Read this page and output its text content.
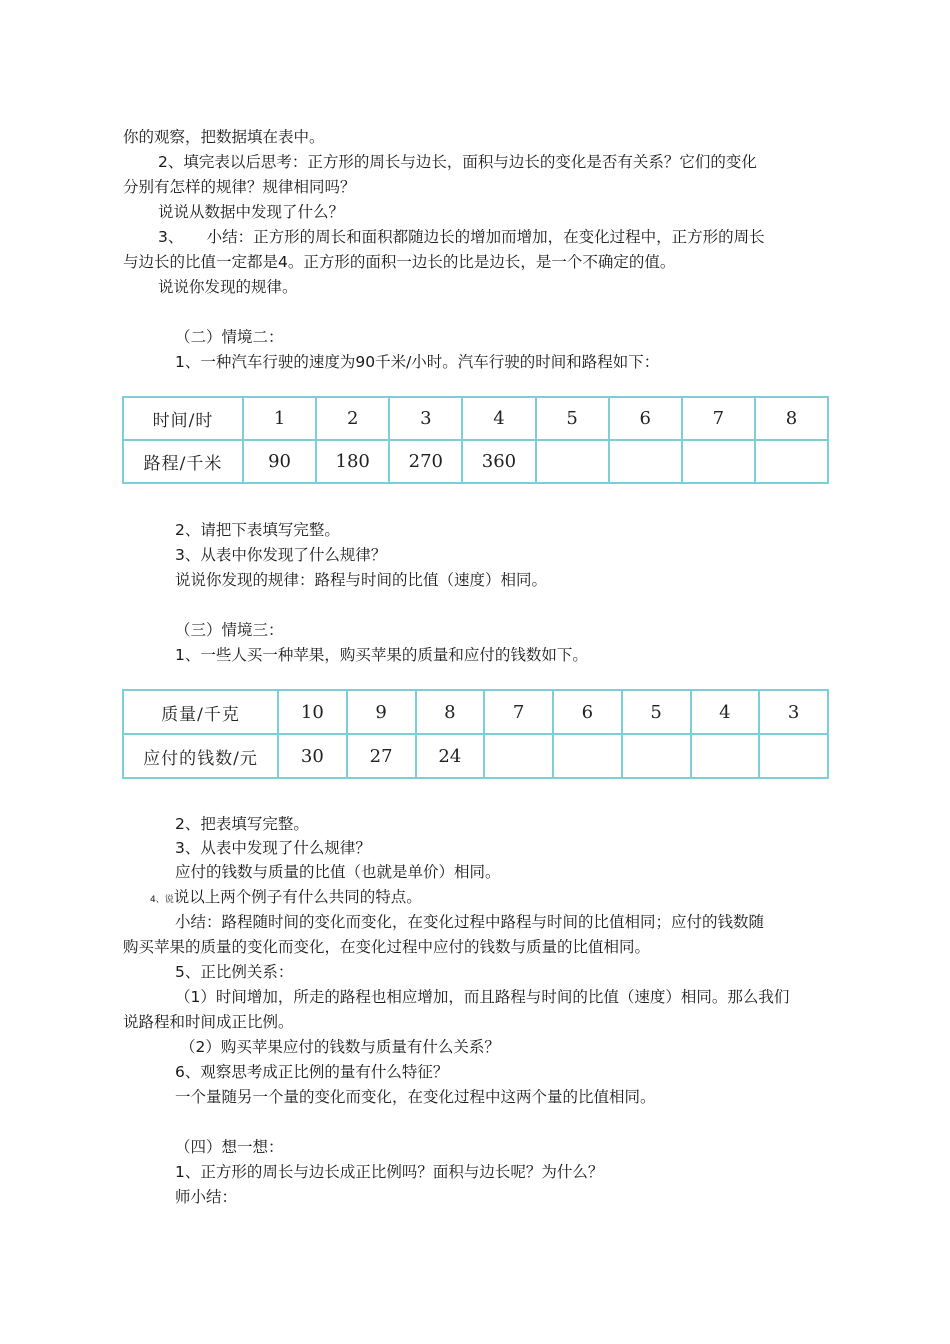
你的观察，把数据填在表中。
2、填完表以后思考：正方形的周长与边长，面积与边长的变化是否有关系？它们的变化
分别有怎样的规律？规律相同吗？
说说从数据中发现了什么？
3、　　小结：正方形的周长和面积都随边长的增加而增加，在变化过程中，正方形的周长
与边长的比值一定都是4。正方形的面积一边长的比是边长，是一个不确定的值。
说说你发现的规律。
（二）情境二：
1、一种汽车行驶的速度为90千米/小时。汽车行驶的时间和路程如下：
时间/时	1	2	3	4	5	6	7	8
路程/千米	90	180	270	360				
2、请把下表填写完整。
3、从表中你发现了什么规律？
说说你发现的规律：路程与时间的比值（速度）相同。
（三）情境三：
1、一些人买一种苹果，购买苹果的质量和应付的钱数如下。
质量/千克	10	9	8	7	6	5	4	3
应付的钱数/元	30	27	24					
2、把表填写完整。
3、从表中发现了什么规律？
应付的钱数与质量的比值（也就是单价）相同。
4、说说以上两个例子有什么共同的特点。
小结：路程随时间的变化而变化，在变化过程中路程与时间的比值相同；应付的钱数随
购买苹果的质量的变化而变化，在变化过程中应付的钱数与质量的比值相同。
5、正比例关系：
（1）时间增加，所走的路程也相应增加，而且路程与时间的比值（速度）相同。那么我们
说路程和时间成正比例。
（2）购买苹果应付的钱数与质量有什么关系？
6、观察思考成正比例的量有什么特征？
一个量随另一个量的变化而变化，在变化过程中这两个量的比值相同。
（四）想一想：
1、正方形的周长与边长成正比例吗？面积与边长呢？为什么？
师小结：
